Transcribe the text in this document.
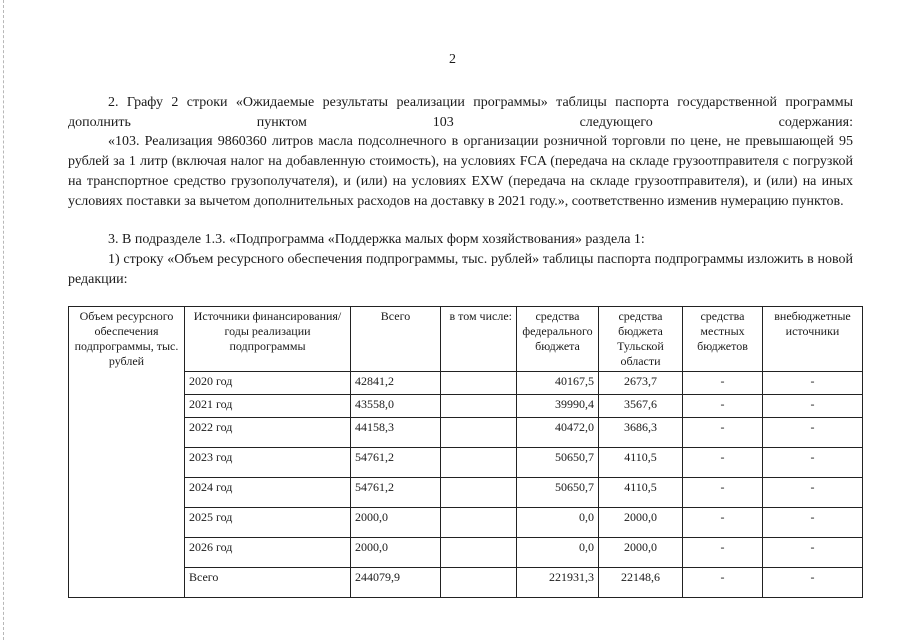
2
2. Графу 2 строки «Ожидаемые результаты реализации программы» таблицы паспорта государственной программы дополнить пунктом 103 следующего содержания:
«103. Реализация 9860360 литров масла подсолнечного в организации розничной торговли по цене, не превышающей 95 рублей за 1 литр (включая налог на добавленную стоимость), на условиях FCA (передача на складе грузоотправителя с погрузкой на транспортное средство грузополучателя), и (или) на условиях EXW (передача на складе грузоотправителя), и (или) на иных условиях поставки за вычетом дополнительных расходов на доставку в 2021 году.», соответственно изменив нумерацию пунктов.
3. В подразделе 1.3. «Подпрограмма «Поддержка малых форм хозяйствования» раздела 1:
1) строку «Объем ресурсного обеспечения подпрограммы, тыс. рублей» таблицы паспорта подпрограммы изложить в новой редакции:
Объем ресурсного обеспечения подпрограммы, тыс. рублей	Источники финансирования/годы реализации подпрограммы	Всего	в том числе:	средства федерального бюджета	средства бюджета Тульской области	средства местных бюджетов	внебюджетные источники
	2020 год	42841,2		40167,5	2673,7	-	-
	2021 год	43558,0		39990,4	3567,6	-	-
	2022 год	44158,3		40472,0	3686,3	-	-
	2023 год	54761,2		50650,7	4110,5	-	-
	2024 год	54761,2		50650,7	4110,5	-	-
	2025 год	2000,0		0,0	2000,0	-	-
	2026 год	2000,0		0,0	2000,0	-	-
	Всего	244079,9		221931,3	22148,6	-	-
